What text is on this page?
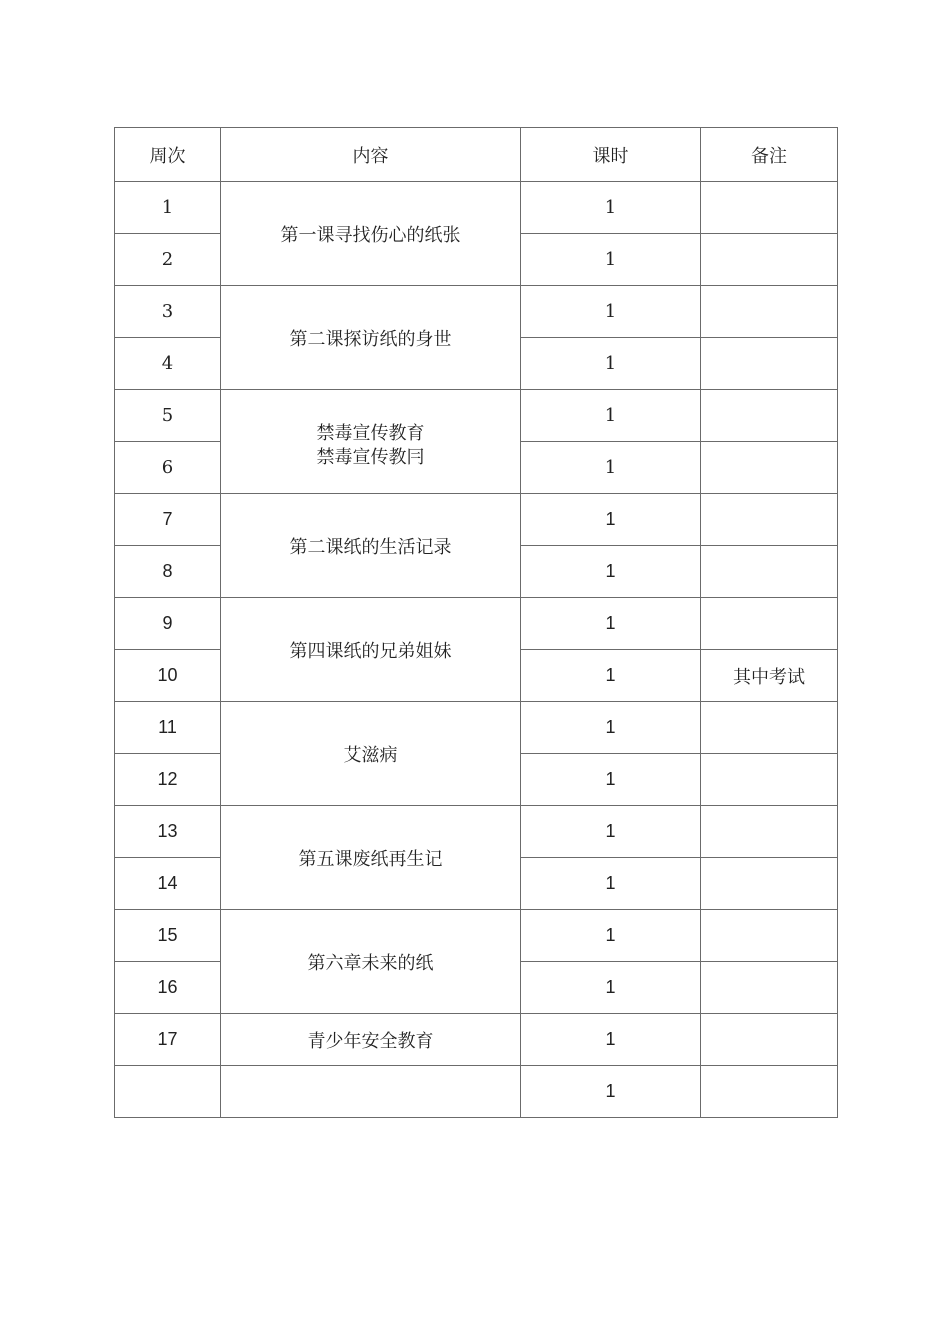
周次	内容	课时	备注
1	第一课寻找伤心的纸张	1	
2		1	
3	第二课探访纸的身世	1	
4		1	
5	禁毒宣传教育
禁毒宣传教冃	1	
6		1	
7	第二课纸的生活记录	1	
8		1	
9	第四课纸的兄弟姐妹	1	
10		1	其中考试
11	艾滋病	1	
12		1	
13	第五课废纸再生记	1	
14		1	
15	第六章未来的纸	1	
16		1	
17	青少年安全教育	1	
		1	
